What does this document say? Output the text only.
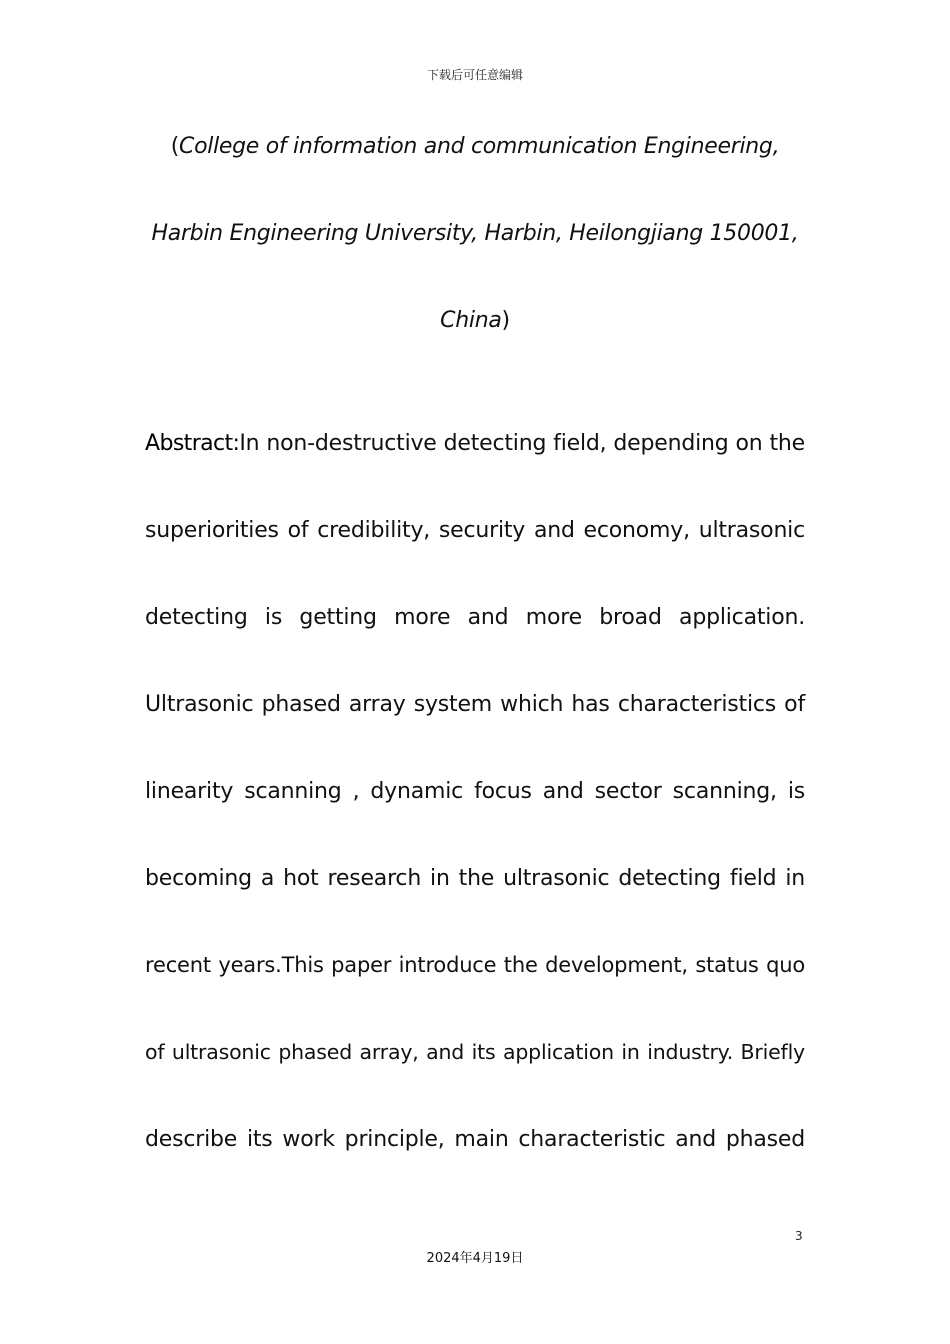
下载后可任意编辑
(College of information and communication Engineering,
Harbin Engineering University, Harbin, Heilongjiang 150001,
China)
Abstract:In non-destructive detecting field, depending on the
superiorities of credibility, security and economy, ultrasonic
detecting is getting more and more broad application.
Ultrasonic phased array system which has characteristics of
linearity scanning , dynamic focus and sector scanning, is
becoming a hot research in the ultrasonic detecting field in
recent years.This paper introduce the development, status quo
of ultrasonic phased array, and its application in industry. Briefly
describe its work principle, main characteristic and phased
3
2024年4月19日
